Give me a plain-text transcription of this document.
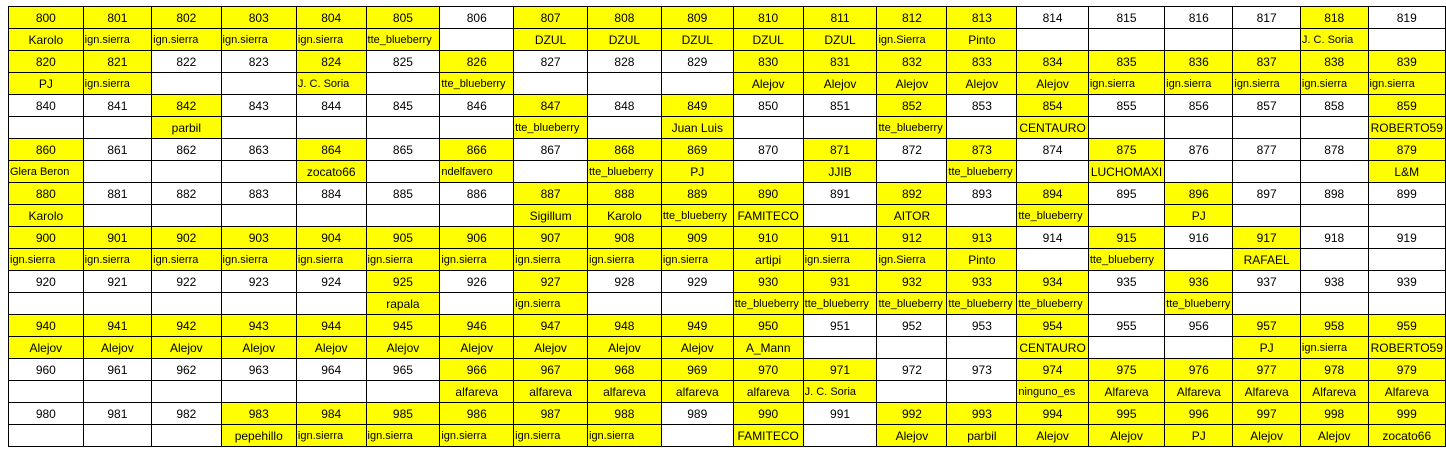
800	801	802	803	804	805	806	807	808	809	810	811	812	813	814	815	816	817	818	819
Karolo	ign.sierra	ign.sierra	ign.sierra	ign.sierra	tte_blueberry		DZUL	DZUL	DZUL	DZUL	DZUL	ign.Sierra	Pinto					J. C. Soria	
820	821	822	823	824	825	826	827	828	829	830	831	832	833	834	835	836	837	838	839
PJ	ign.sierra			J. C. Soria		tte_blueberry				Alejov	Alejov	Alejov	Alejov	Alejov	ign.sierra	ign.sierra	ign.sierra	ign.sierra	ign.sierra
840	841	842	843	844	845	846	847	848	849	850	851	852	853	854	855	856	857	858	859
		parbil					tte_blueberry		Juan Luis			tte_blueberry		CENTAURO					ROBERTO59
860	861	862	863	864	865	866	867	868	869	870	871	872	873	874	875	876	877	878	879
Glera Beron				zocato66		ndelfavero		tte_blueberry	PJ		JJIB		tte_blueberry		LUCHOMAXI				L&M
880	881	882	883	884	885	886	887	888	889	890	891	892	893	894	895	896	897	898	899
Karolo							Sigillum	Karolo	tte_blueberry	FAMITECO		AITOR		tte_blueberry		PJ			
900	901	902	903	904	905	906	907	908	909	910	911	912	913	914	915	916	917	918	919
ign.sierra	ign.sierra	ign.sierra	ign.sierra	ign.sierra	ign.sierra	ign.sierra	ign.sierra	ign.sierra	ign.sierra	artipi	ign.sierra	ign.Sierra	Pinto		tte_blueberry		RAFAEL		
920	921	922	923	924	925	926	927	928	929	930	931	932	933	934	935	936	937	938	939
					rapala		ign.sierra			tte_blueberry	tte_blueberry	tte_blueberry	tte_blueberry	tte_blueberry		tte_blueberry			
940	941	942	943	944	945	946	947	948	949	950	951	952	953	954	955	956	957	958	959
Alejov	Alejov	Alejov	Alejov	Alejov	Alejov	Alejov	Alejov	Alejov	Alejov	A_Mann				CENTAURO			PJ	ign.sierra	ROBERTO59
960	961	962	963	964	965	966	967	968	969	970	971	972	973	974	975	976	977	978	979
						alfareva	alfareva	alfareva	alfareva	alfareva	J. C. Soria			ninguno_es	Alfareva	Alfareva	Alfareva	Alfareva	Alfareva
980	981	982	983	984	985	986	987	988	989	990	991	992	993	994	995	996	997	998	999
			pepehillo	ign.sierra	ign.sierra	ign.sierra	ign.sierra	ign.sierra		FAMITECO		Alejov	parbil	Alejov	Alejov	PJ	Alejov	Alejov	zocato66
